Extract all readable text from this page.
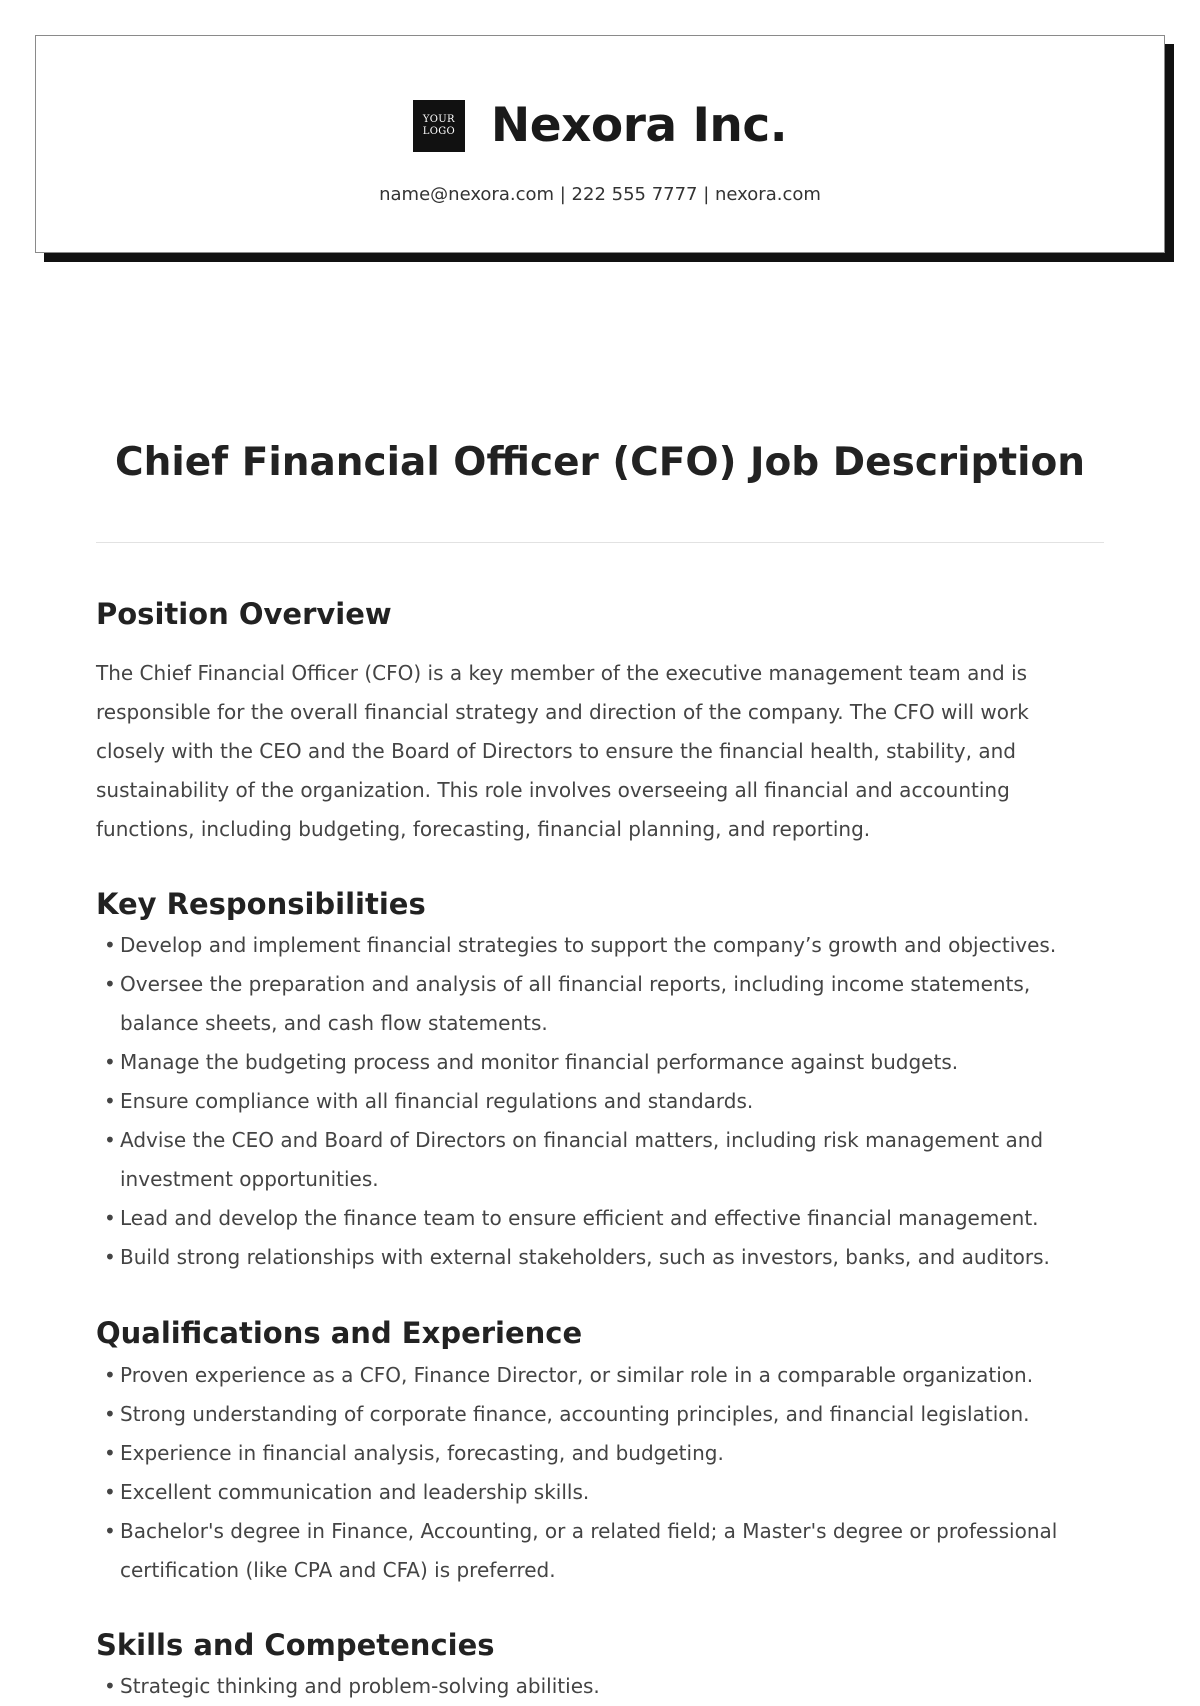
YOUR
LOGO Nexora Inc.
name@nexora.com | 222 555 7777 | nexora.com
Chief Financial Officer (CFO) Job Description
Position Overview

The Chief Financial Officer (CFO) is a key member of the executive management team and is responsible for the overall financial strategy and direction of the company. The CFO will work closely with the CEO and the Board of Directors to ensure the financial health, stability, and sustainability of the organization. This role involves overseeing all financial and accounting functions, including budgeting, forecasting, financial planning, and reporting.

Key Responsibilities
• Develop and implement financial strategies to support the company’s growth and objectives.
• Oversee the preparation and analysis of all financial reports, including income statements, balance sheets, and cash flow statements.
• Manage the budgeting process and monitor financial performance against budgets.
• Ensure compliance with all financial regulations and standards.
• Advise the CEO and Board of Directors on financial matters, including risk management and investment opportunities.
• Lead and develop the finance team to ensure efficient and effective financial management.
• Build strong relationships with external stakeholders, such as investors, banks, and auditors.
Qualifications and Experience
• Proven experience as a CFO, Finance Director, or similar role in a comparable organization.
• Strong understanding of corporate finance, accounting principles, and financial legislation.
• Experience in financial analysis, forecasting, and budgeting.
• Excellent communication and leadership skills.
• Bachelor's degree in Finance, Accounting, or a related field; a Master's degree or professional certification (like CPA and CFA) is preferred.
Skills and Competencies
• Strategic thinking and problem-solving abilities.
